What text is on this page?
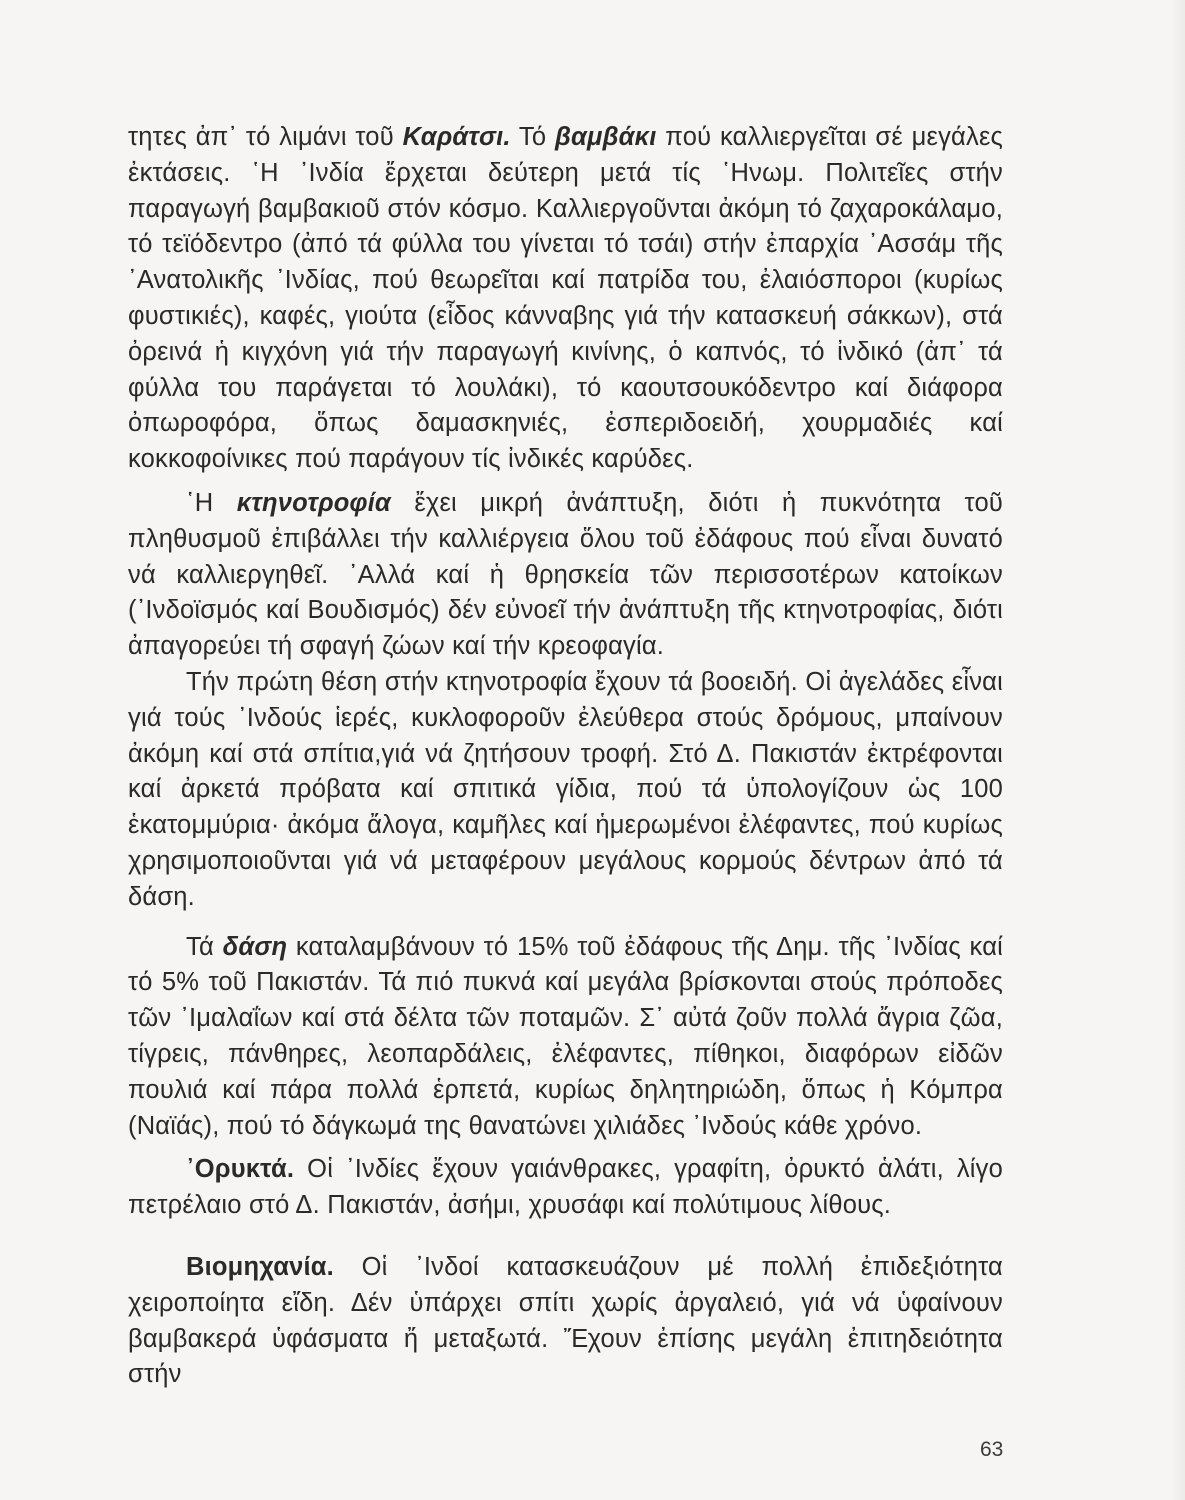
τητες ἀπ᾽ τό λιμάνι τοῦ Καράτσι. Τό βαμβάκι πού καλλιεργεῖται σέ μεγάλες ἐκτάσεις. ῾Η ᾽Ινδία ἔρχεται δεύτερη μετά τίς ῾Ηνωμ. Πολιτεῖες στήν παραγωγή βαμβακιοῦ στόν κόσμο. Καλλιεργοῦνται ἀκόμη τό ζαχαροκάλαμο, τό τεϊόδεντρο (ἀπό τά φύλλα του γίνεται τό τσάι) στήν ἐπαρχία ᾽Ασσάμ τῆς ᾽Ανατολικῆς ᾽Ινδίας, πού θεωρεῖται καί πατρίδα του, ἐλαιόσποροι (κυρίως φυστικιές), καφές, γιούτα (εἶδος κάνναβης γιά τήν κατασκευή σάκκων), στά ὀρεινά ἡ κιγχόνη γιά τήν παραγωγή κινίνης, ὁ καπνός, τό ἰνδικό (ἀπ᾽ τά φύλλα του παράγεται τό λουλάκι), τό καουτσουκόδεντρο καί διάφορα ὀπωροφόρα, ὅπως δαμασκηνιές, ἐσπεριδοειδή, χουρμαδιές καί κοκκοφοίνικες πού παράγουν τίς ἰνδικές καρύδες.

῾Η κτηνοτροφία ἔχει μικρή ἀνάπτυξη, διότι ἡ πυκνότητα τοῦ πληθυσμοῦ ἐπιβάλλει τήν καλλιέργεια ὅλου τοῦ ἐδάφους πού εἶναι δυνατό νά καλλιεργηθεῖ. ᾽Αλλά καί ἡ θρησκεία τῶν περισσοτέρων κατοίκων (᾽Ινδοϊσμός καί Βουδισμός) δέν εὐνοεῖ τήν ἀνάπτυξη τῆς κτηνοτροφίας, διότι ἀπαγορεύει τή σφαγή ζώων καί τήν κρεοφαγία.

Τήν πρώτη θέση στήν κτηνοτροφία ἔχουν τά βοοειδή. Οἱ ἀγελάδες εἶναι γιά τούς ᾽Ινδούς ἱερές, κυκλοφοροῦν ἐλεύθερα στούς δρόμους, μπαίνουν ἀκόμη καί στά σπίτια,γιά νά ζητήσουν τροφή. Στό Δ. Πακιστάν ἐκτρέφονται καί ἀρκετά πρόβατα καί σπιτικά γίδια, πού τά ὑπολογίζουν ὡς 100 ἑκατομμύρια· ἀκόμα ἄλογα, καμῆλες καί ἡμερωμένοι ἐλέφαντες, πού κυρίως χρησιμοποιοῦνται γιά νά μεταφέρουν μεγάλους κορμούς δέντρων ἀπό τά δάση.

Τά δάση καταλαμβάνουν τό 15% τοῦ ἐδάφους τῆς Δημ. τῆς ᾽Ινδίας καί τό 5% τοῦ Πακιστάν. Τά πιό πυκνά καί μεγάλα βρίσκονται στούς πρόποδες τῶν ᾽Ιμαλαΐων καί στά δέλτα τῶν ποταμῶν. Σ᾽ αὐτά ζοῦν πολλά ἄγρια ζῶα, τίγρεις, πάνθηρες, λεοπαρδάλεις, ἐλέφαντες, πίθηκοι, διαφόρων εἰδῶν πουλιά καί πάρα πολλά ἑρπετά, κυρίως δηλητηριώδη, ὅπως ἡ Κόμπρα (Ναϊάς), πού τό δάγκωμά της θανατώνει χιλιάδες ᾽Ινδούς κάθε χρόνο.

᾽Ορυκτά. Οἱ ᾽Ινδίες ἔχουν γαιάνθρακες, γραφίτη, ὀρυκτό ἁλάτι, λίγο πετρέλαιο στό Δ. Πακιστάν, ἀσήμι, χρυσάφι καί πολύτιμους λίθους.

Βιομηχανία. Οἱ ᾽Ινδοί κατασκευάζουν μέ πολλή ἐπιδεξιότητα χειροποίητα εἴδη. Δέν ὑπάρχει σπίτι χωρίς ἀργαλειό, γιά νά ὑφαίνουν βαμβακερά ὑφάσματα ἤ μεταξωτά. Ἔχουν ἐπίσης μεγάλη ἐπιτηδειότητα στήν

63
